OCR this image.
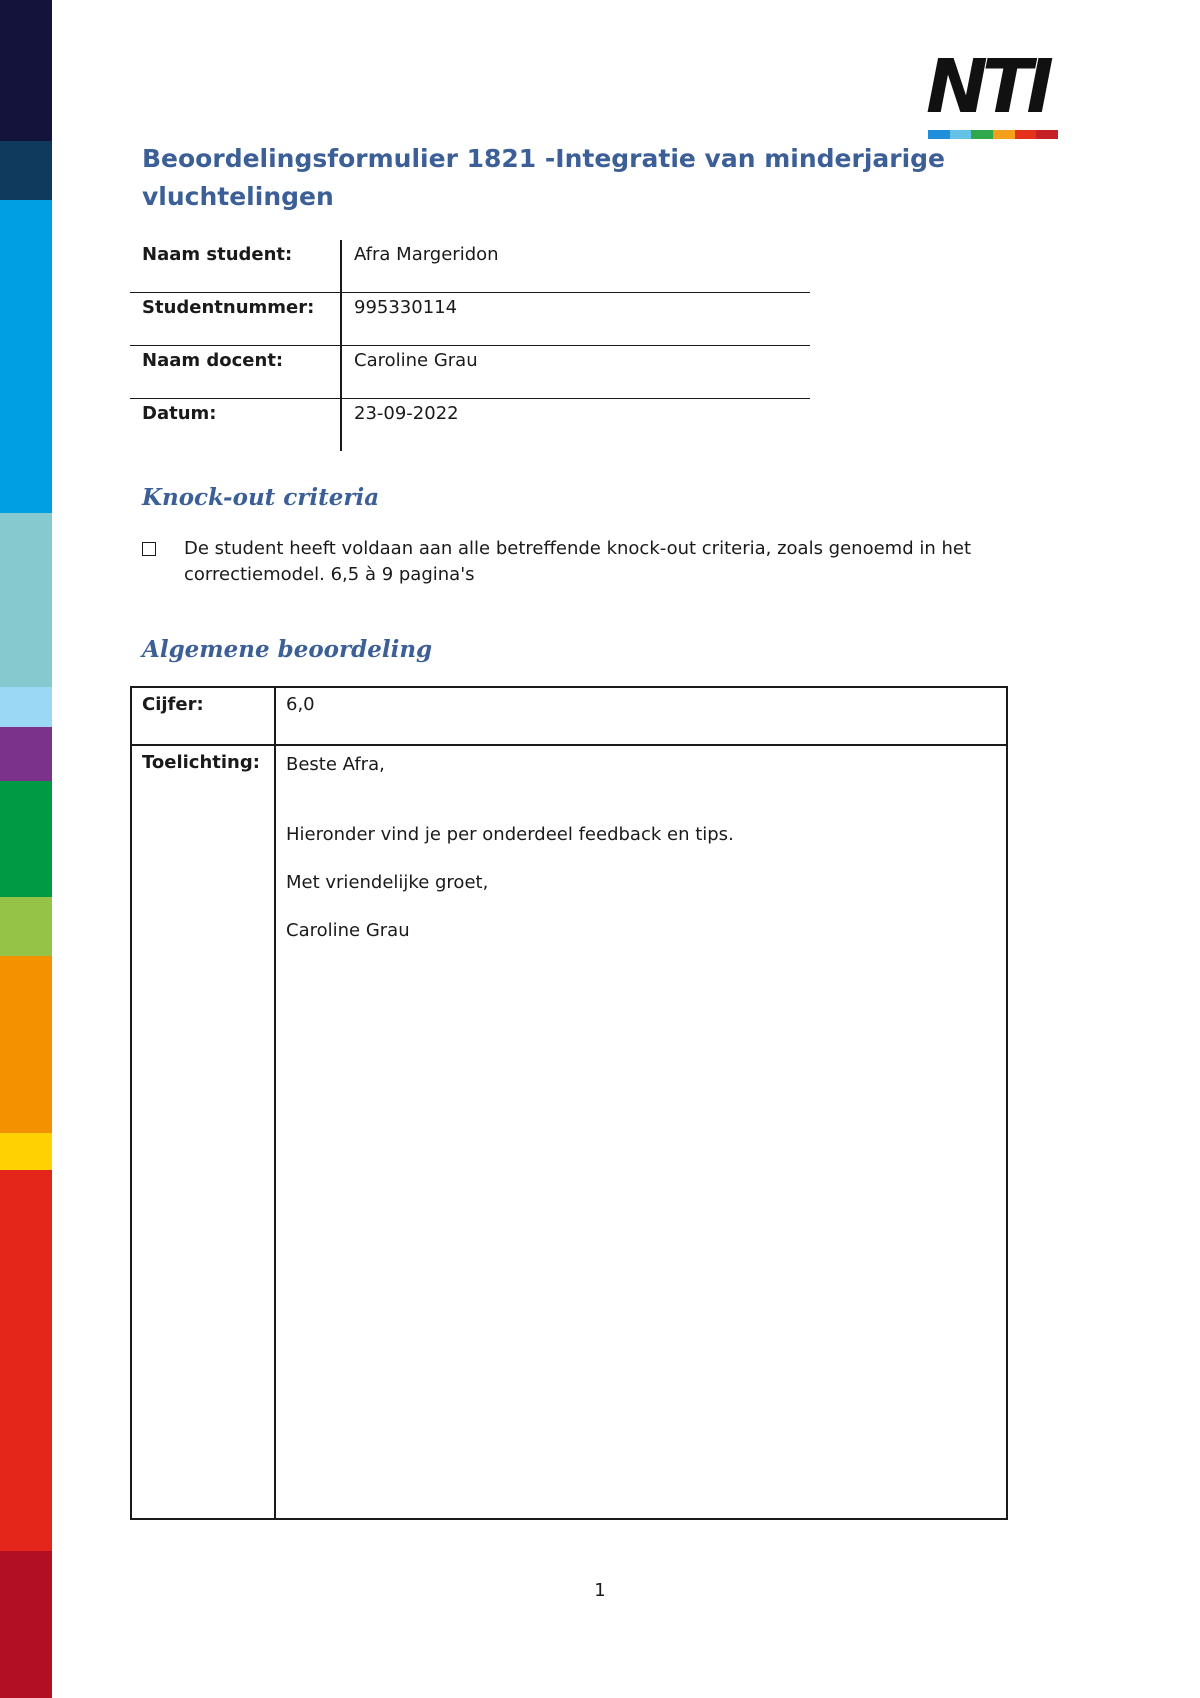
NTI
Beoordelingsformulier 1821 -Integratie van minderjarige vluchtelingen
Naam student:	Afra Margeridon
Studentnummer:	995330114
Naam docent:	Caroline Grau
Datum:	23-09-2022
Knock-out criteria
De student heeft voldaan aan alle betreffende knock-out criteria, zoals genoemd in het correctiemodel. 6,5 à 9 pagina's
Algemene beoordeling
Cijfer:	6,0
Toelichting:	Beste Afra,

Hieronder vind je per onderdeel feedback en tips.

Met vriendelijke groet,

Caroline Grau

1
